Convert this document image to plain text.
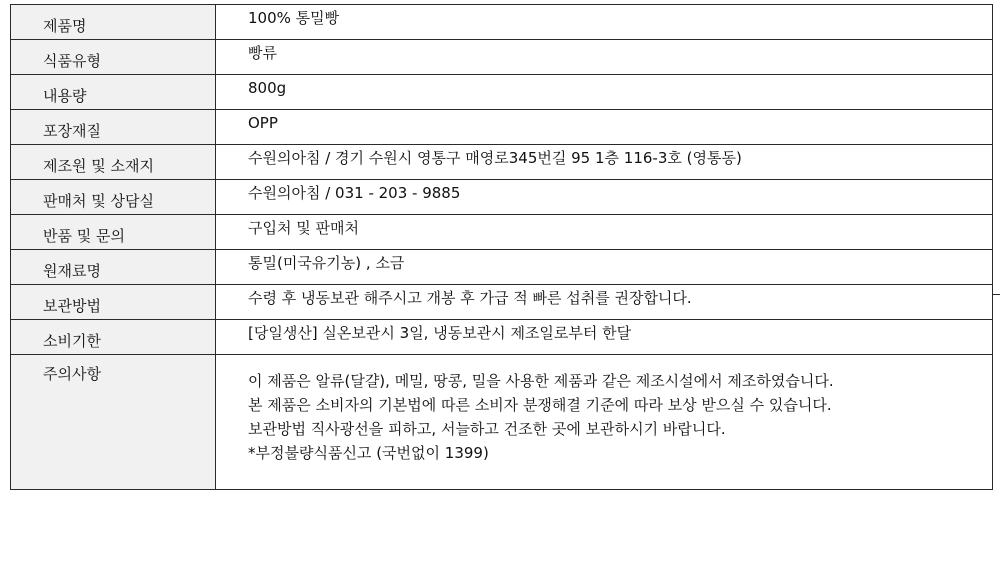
제품명	100% 통밀빵
식품유형	빵류
내용량	800g
포장재질	OPP
제조원 및 소재지	수원의아침 / 경기 수원시 영통구 매영로345번길 95 1층 116-3호 (영통동)
판매처 및 상담실	수원의아침 / 031 - 203 - 9885
반품 및 문의	구입처 및 판매처
원재료명	통밀(미국유기농) , 소금
보관방법	수령 후 냉동보관 해주시고 개봉 후 가급 적 빠른 섭취를 권장합니다.
소비기한	[당일생산] 실온보관시 3일, 냉동보관시 제조일로부터 한달
주의사항	이 제품은 알류(달걀), 메밀, 땅콩, 밀을 사용한 제품과 같은 제조시설에서 제조하였습니다.
본 제품은 소비자의 기본법에 따른 소비자 분쟁해결 기준에 따라 보상 받으실 수 있습니다.
보관방법 직사광선을 피하고, 서늘하고 건조한 곳에 보관하시기 바랍니다.
*부정불량식품신고 (국번없이 1399)
